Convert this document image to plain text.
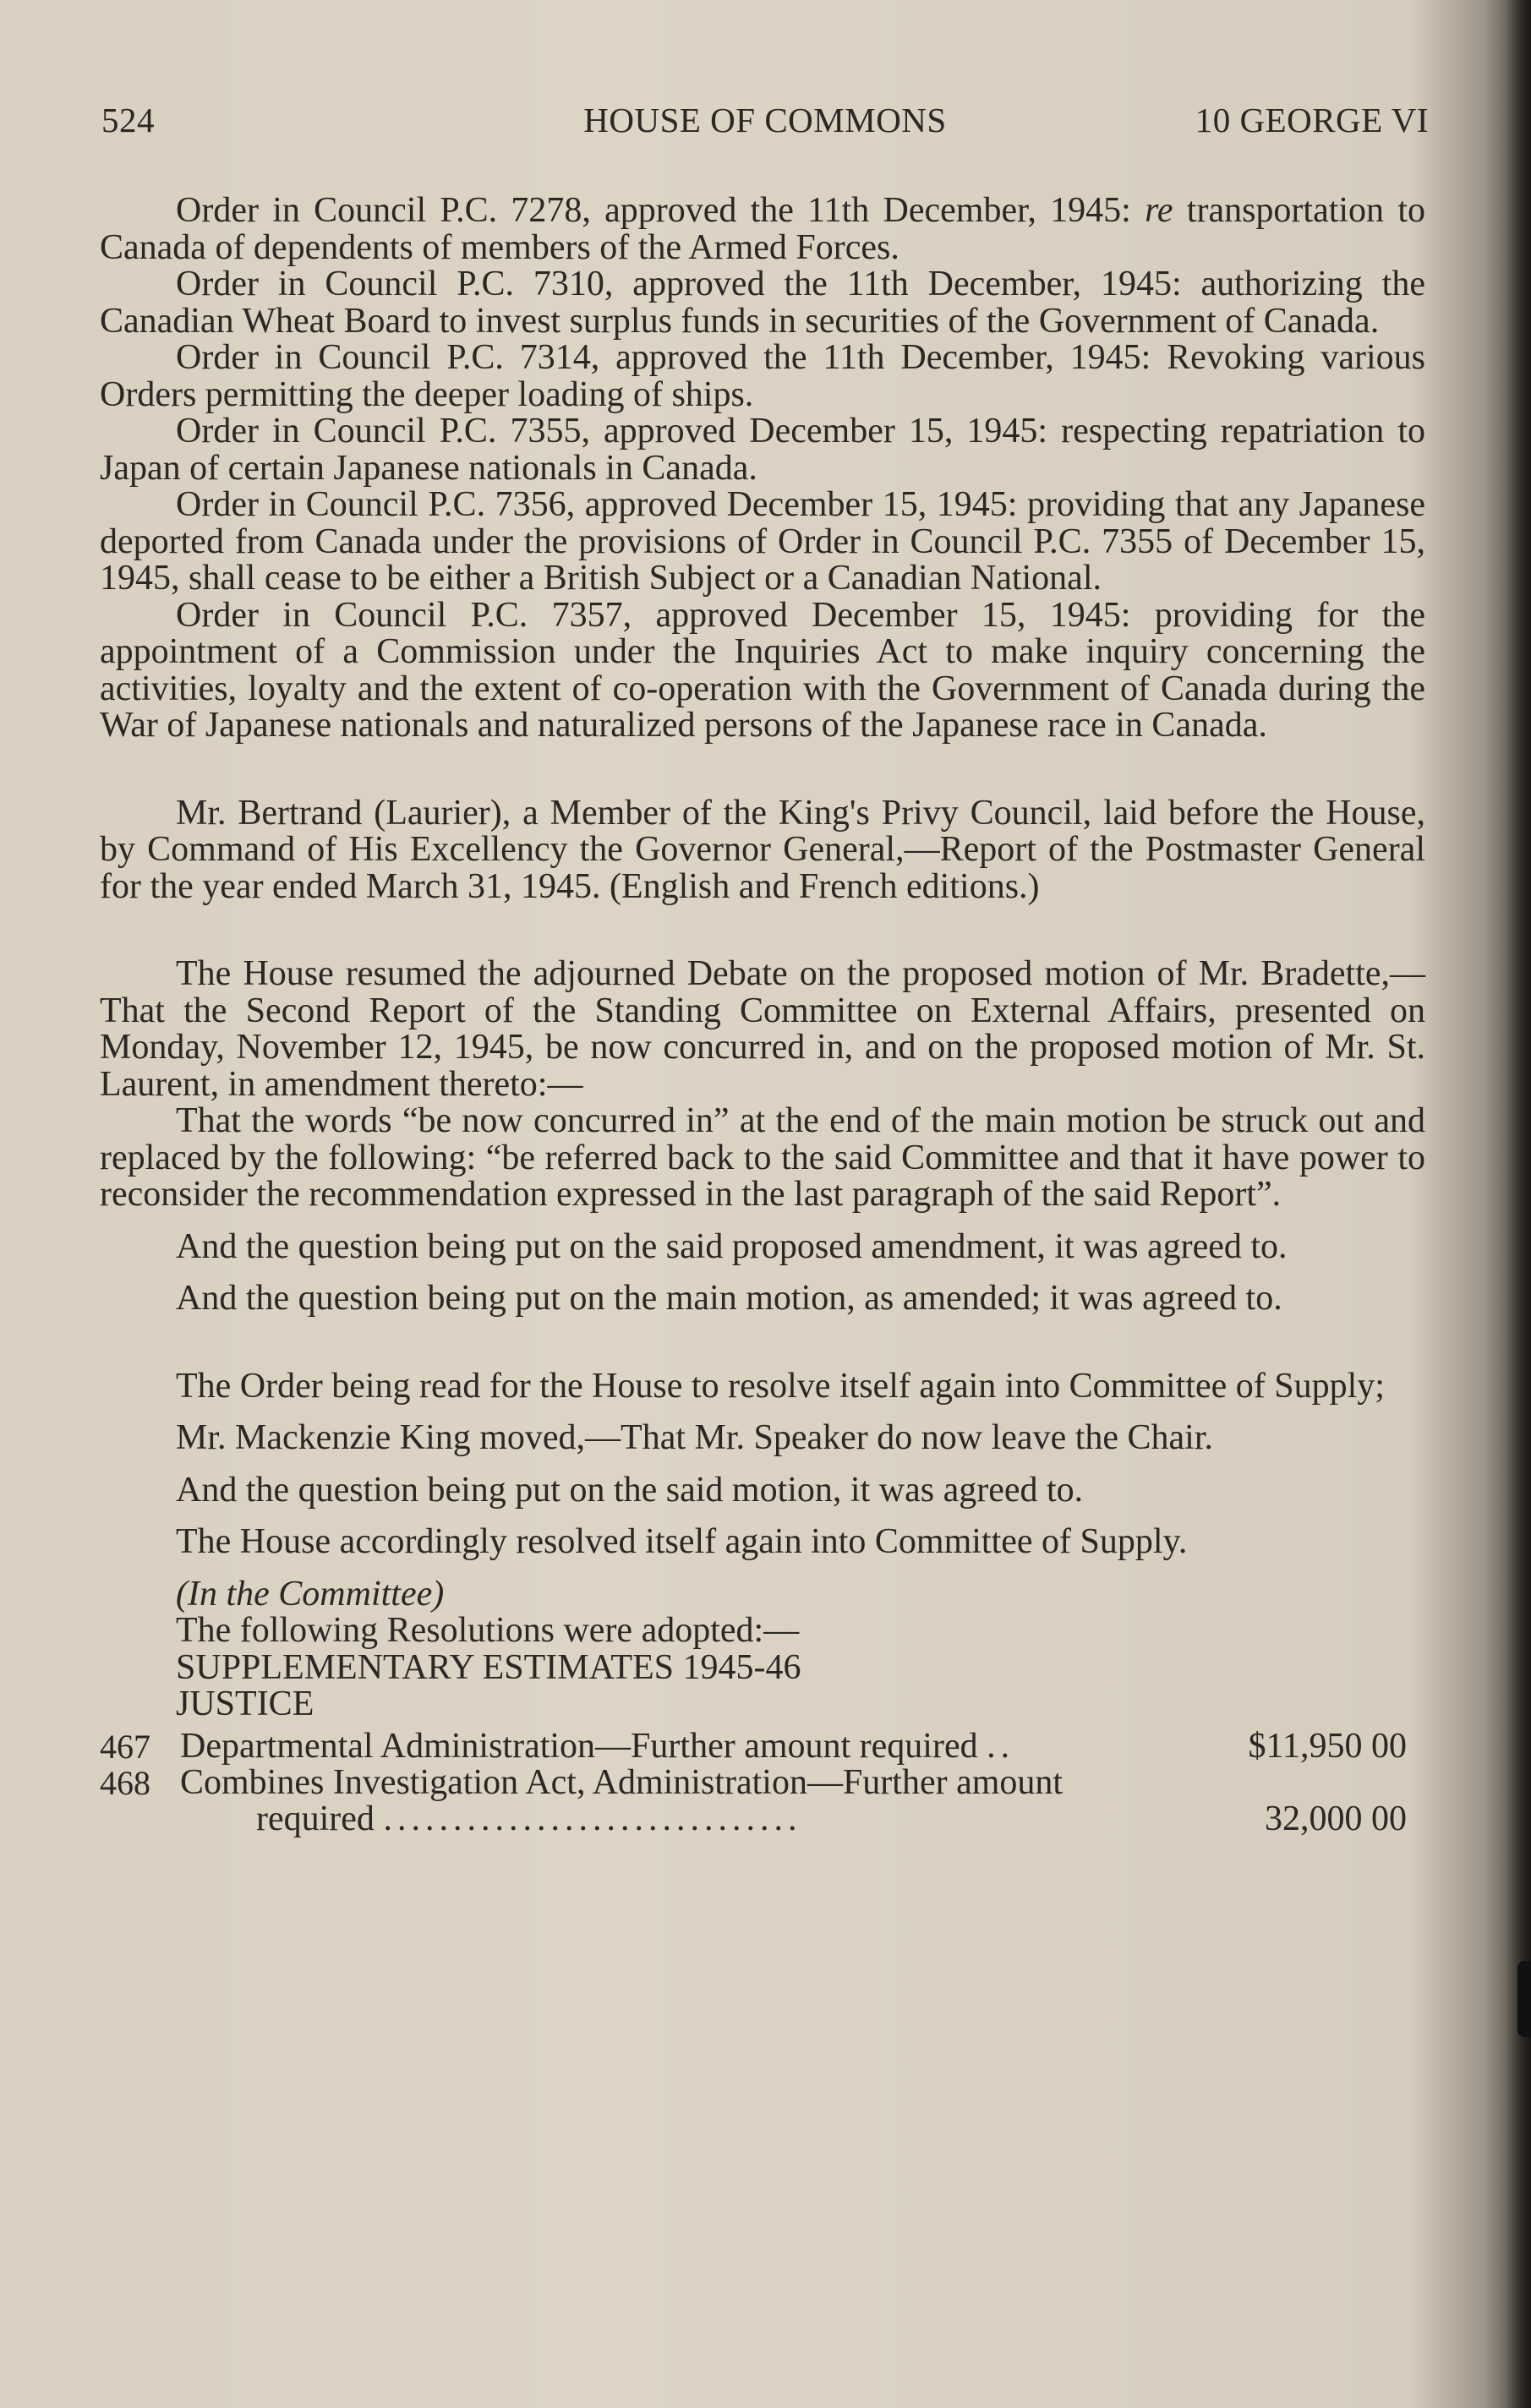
524	HOUSE OF COMMONS	10 GEORGE VI

Order in Council P.C. 7278, approved the 11th December, 1945: re transportation to Canada of dependents of members of the Armed Forces.

Order in Council P.C. 7310, approved the 11th December, 1945: authorizing the Canadian Wheat Board to invest surplus funds in securities of the Government of Canada.

Order in Council P.C. 7314, approved the 11th December, 1945: Revoking various Orders permitting the deeper loading of ships.

Order in Council P.C. 7355, approved December 15, 1945: respecting repatriation to Japan of certain Japanese nationals in Canada.

Order in Council P.C. 7356, approved December 15, 1945: providing that any Japanese deported from Canada under the provisions of Order in Council P.C. 7355 of December 15, 1945, shall cease to be either a British Subject or a Canadian National.

Order in Council P.C. 7357, approved December 15, 1945: providing for the appointment of a Commission under the Inquiries Act to make inquiry concerning the activities, loyalty and the extent of co-operation with the Government of Canada during the War of Japanese nationals and naturalized persons of the Japanese race in Canada.

Mr. Bertrand (Laurier), a Member of the King's Privy Council, laid before the House, by Command of His Excellency the Governor General,—Report of the Postmaster General for the year ended March 31, 1945. (English and French editions.)

The House resumed the adjourned Debate on the proposed motion of Mr. Bradette,—That the Second Report of the Standing Committee on External Affairs, presented on Monday, November 12, 1945, be now concurred in, and on the proposed motion of Mr. St. Laurent, in amendment thereto:—

That the words “be now concurred in” at the end of the main motion be struck out and replaced by the following: “be referred back to the said Committee and that it have power to reconsider the recommendation expressed in the last paragraph of the said Report”.

And the question being put on the said proposed amendment, it was agreed to.

And the question being put on the main motion, as amended; it was agreed to.

The Order being read for the House to resolve itself again into Committee of Supply;

Mr. Mackenzie King moved,—That Mr. Speaker do now leave the Chair.

And the question being put on the said motion, it was agreed to.

The House accordingly resolved itself again into Committee of Supply.

(In the Committee)

The following Resolutions were adopted:—

SUPPLEMENTARY ESTIMATES 1945-46

JUSTICE

467 Departmental Administration—Further amount required ..	$11,950 00
468 Combines Investigation Act, Administration—Further amount
required ..............................	32,000 00
